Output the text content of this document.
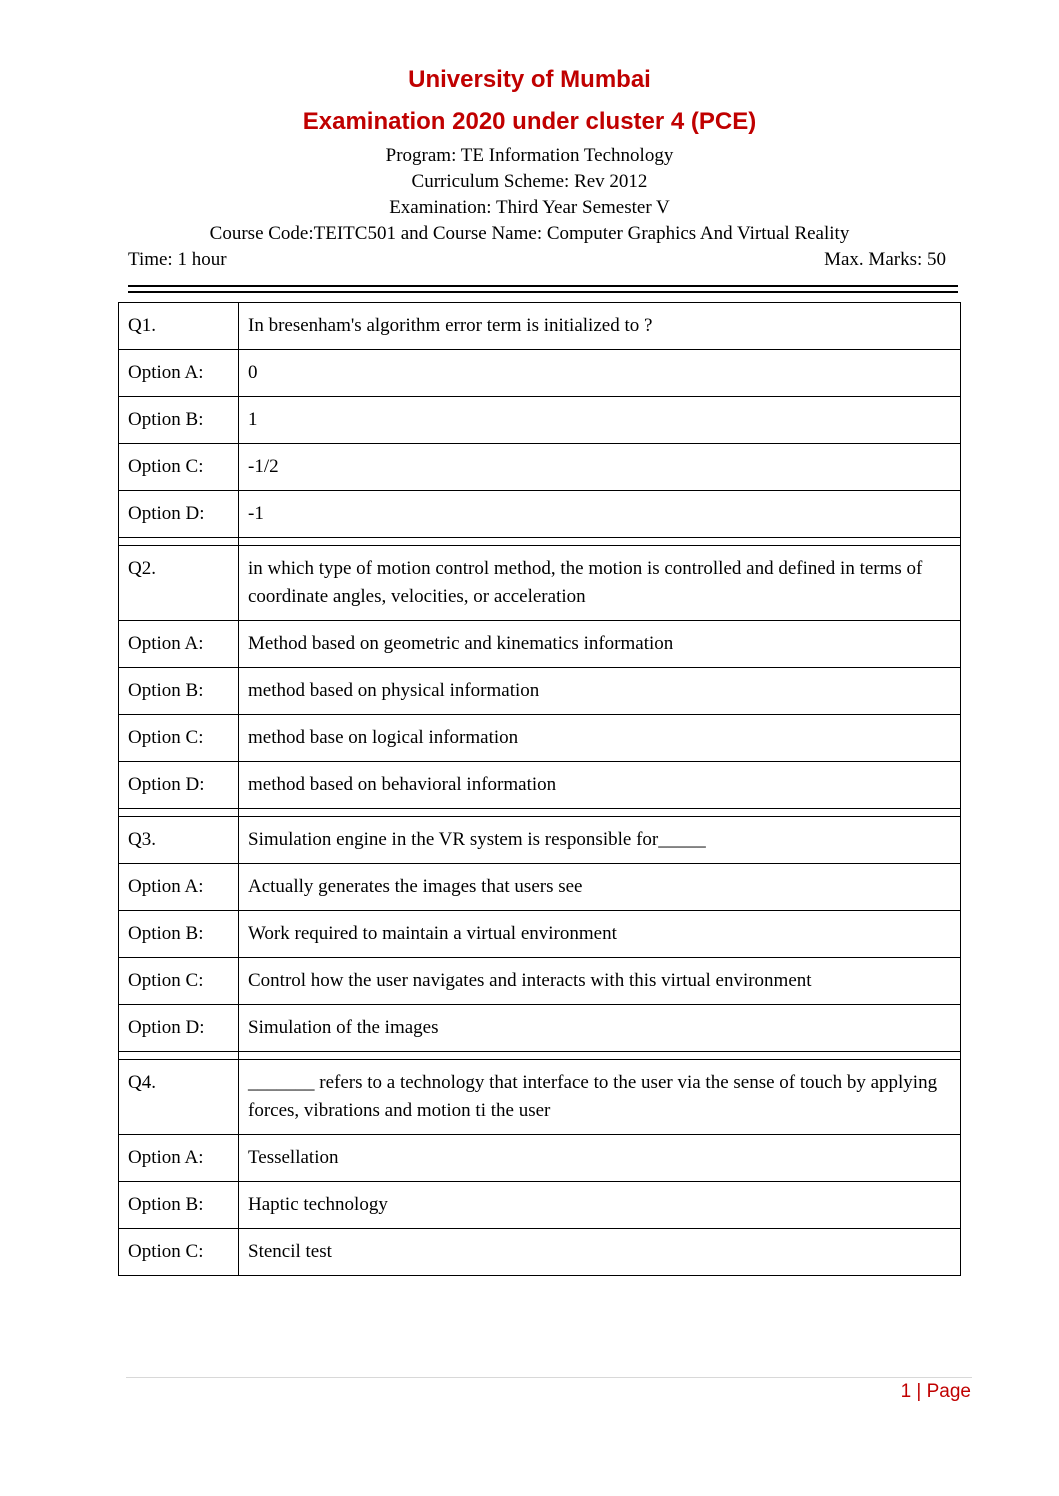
University of Mumbai
Examination 2020 under cluster 4 (PCE)
Program: TE Information Technology
Curriculum Scheme: Rev 2012
Examination: Third Year Semester V
Course Code:TEITC501 and Course Name: Computer Graphics And Virtual Reality
Time: 1 hour	Max. Marks: 50
Q1.	In bresenham's algorithm error term is initialized to ?
Option A:	0
Option B:	1
Option C:	-1/2
Option D:	-1

Q2.	in which type of motion control method, the motion is controlled and defined in terms of coordinate angles, velocities, or acceleration
Option A:	Method based on geometric and kinematics information
Option B:	method based on physical information
Option C:	method base on logical information
Option D:	method based on behavioral information

Q3.	Simulation engine in the VR system is responsible for_____
Option A:	Actually generates the images that users see
Option B:	Work required to maintain a virtual environment
Option C:	Control how the user navigates and interacts with this virtual environment
Option D:	Simulation of the images

Q4.	_______ refers to a technology that interface to the user via the sense of touch by applying forces, vibrations and motion ti the user
Option A:	Tessellation
Option B:	Haptic technology
Option C:	Stencil test
1 | Page
